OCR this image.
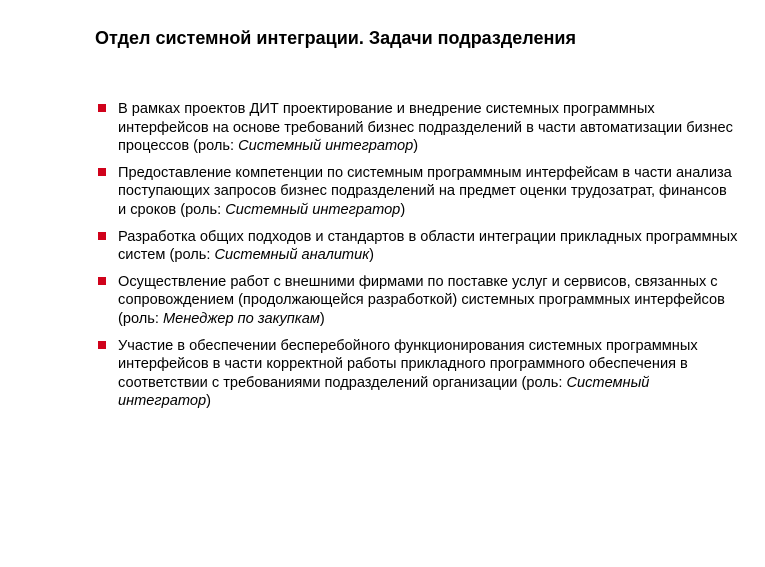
Отдел системной интеграции. Задачи подразделения
В рамках проектов ДИТ проектирование и внедрение системных программных интерфейсов на основе требований бизнес подразделений в части автоматизации бизнес процессов (роль: Системный интегратор)
Предоставление компетенции по системным программным интерфейсам в части анализа поступающих запросов бизнес подразделений на предмет оценки трудозатрат, финансов и сроков (роль: Системный интегратор)
Разработка общих подходов и стандартов в области интеграции прикладных программных систем (роль: Системный аналитик)
Осуществление работ с внешними фирмами по поставке услуг и сервисов, связанных с сопровождением (продолжающейся разработкой) системных программных интерфейсов (роль: Менеджер по закупкам)
Участие в обеспечении бесперебойного функционирования системных программных интерфейсов в части корректной работы прикладного программного обеспечения в соответствии с требованиями подразделений организации (роль: Системный интегратор)
